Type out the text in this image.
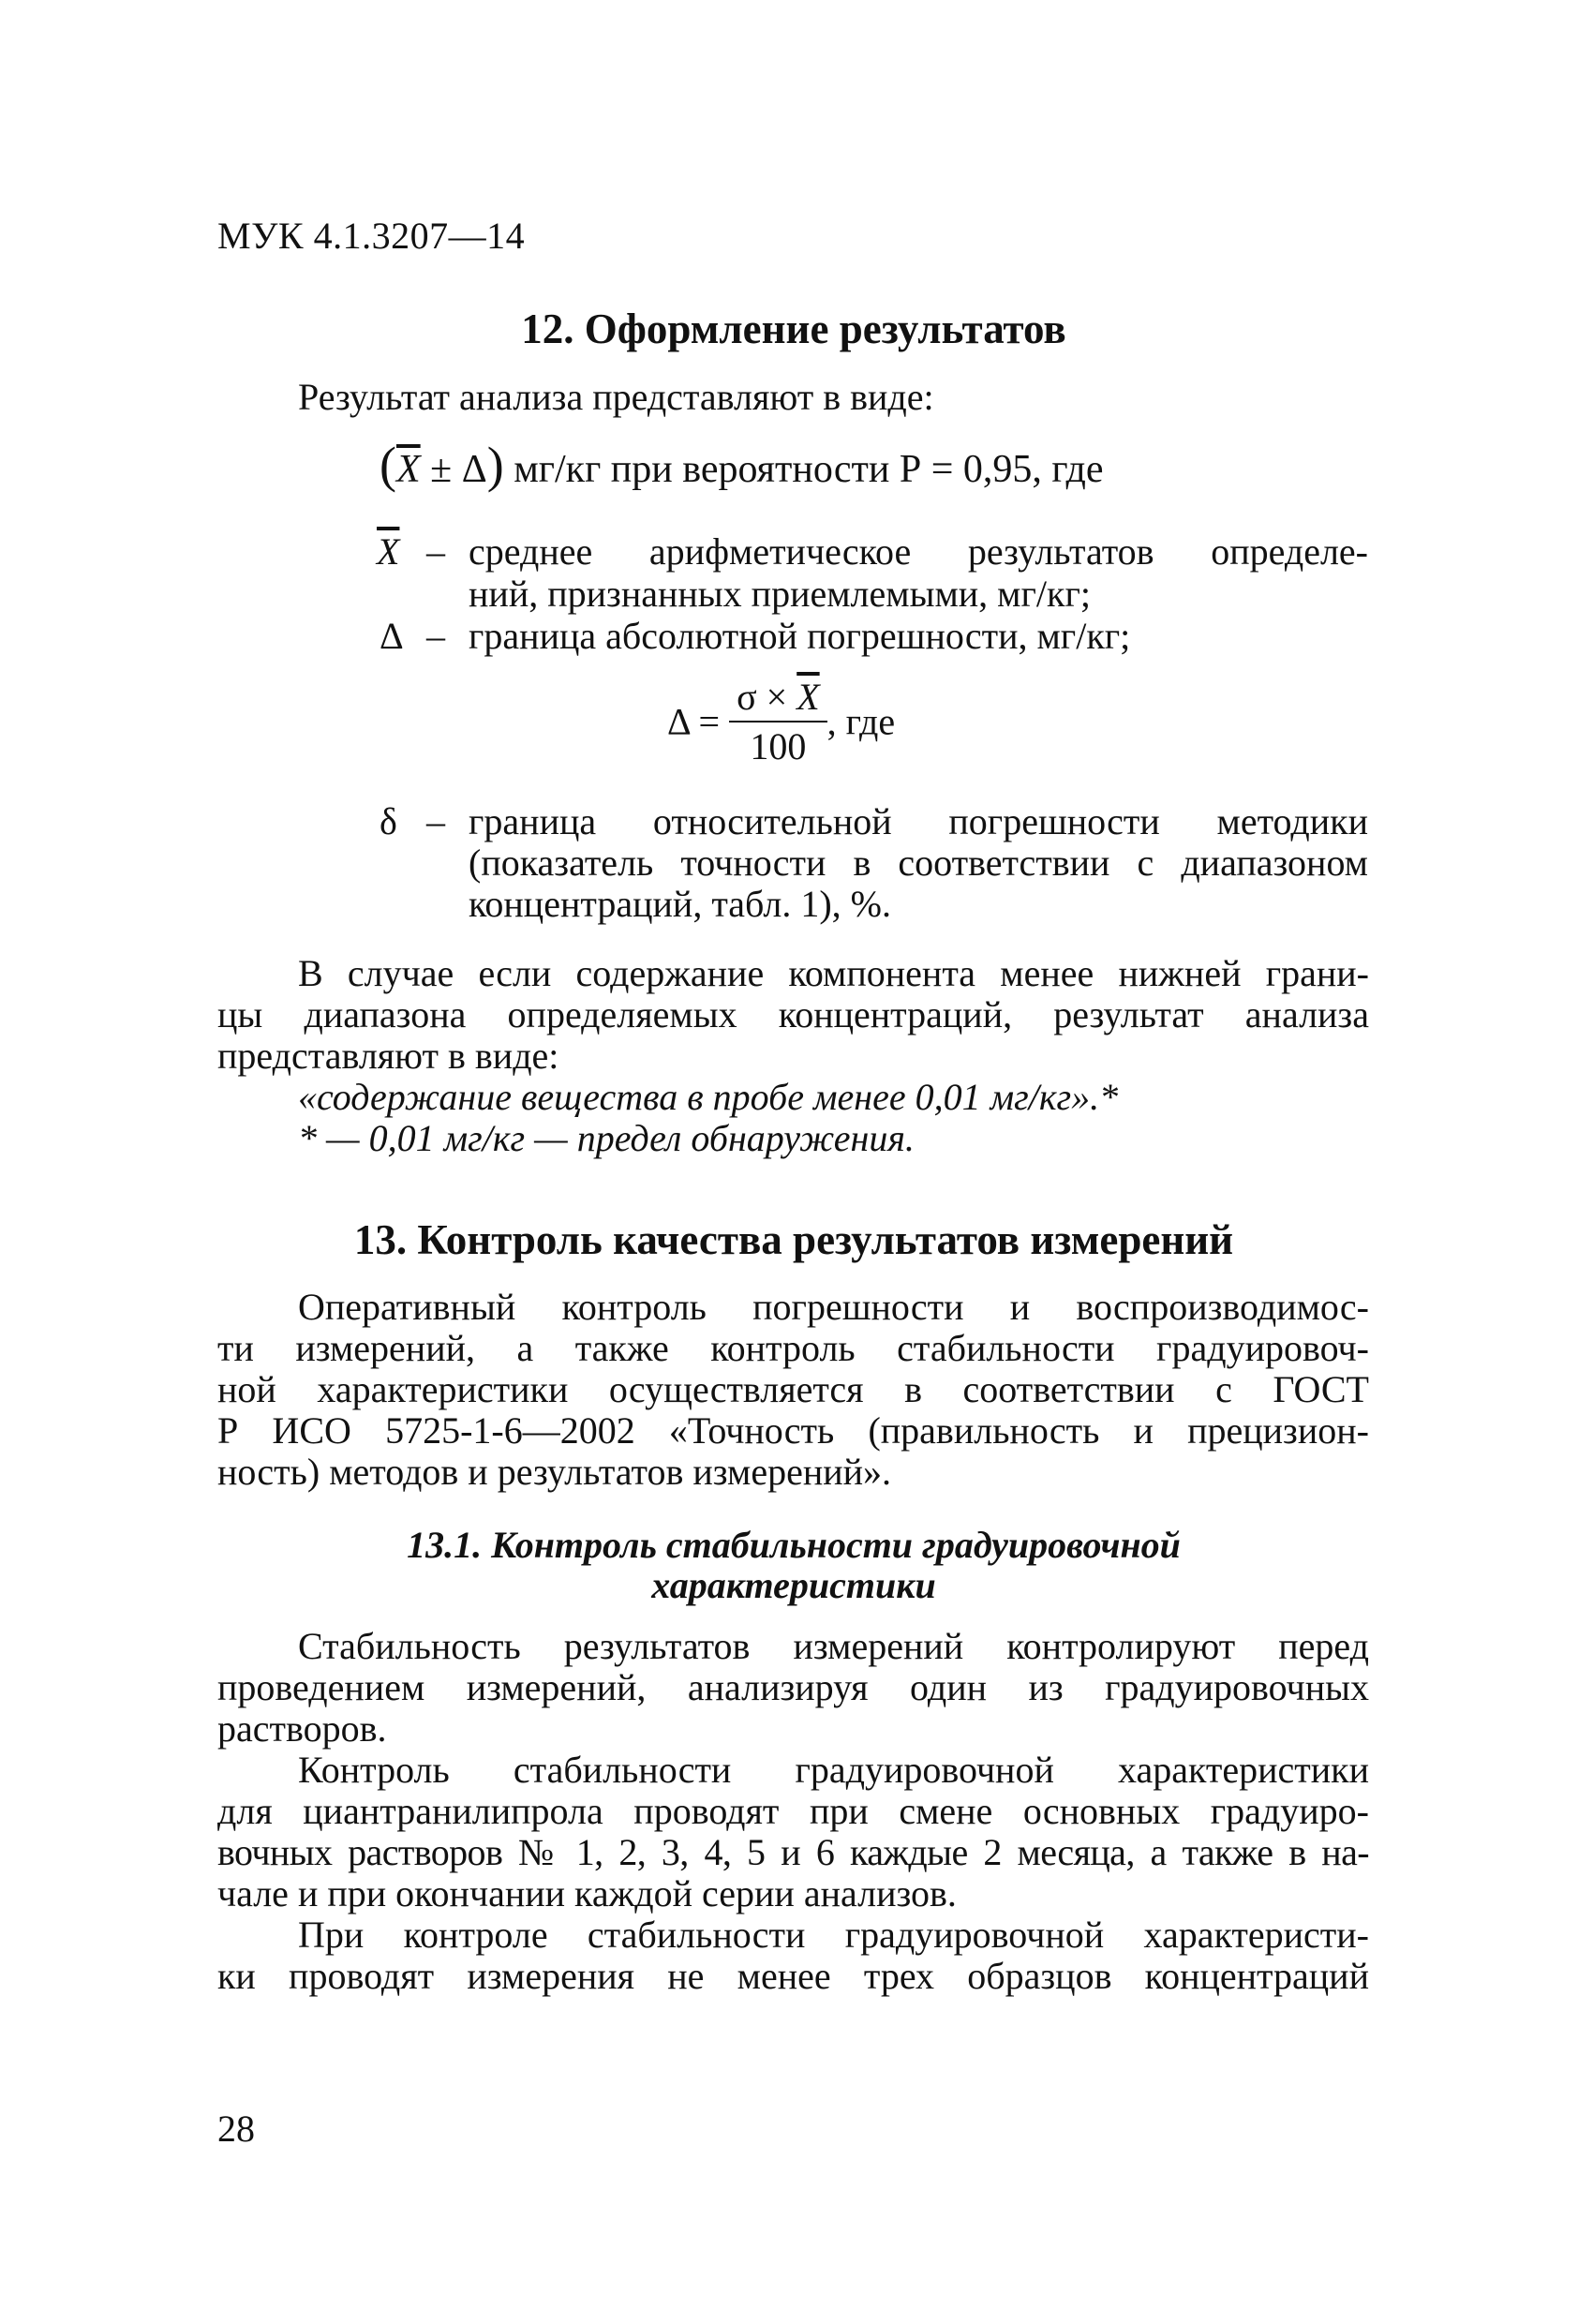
МУК 4.1.3207—14
12. Оформление результатов
Результат анализа представляют в виде:
$(\overline{X} \pm \Delta)$ мг/кг при вероятности Р = 0,95, где
$\overline{X}$ – среднее арифметическое результатов определе-
ний, признанных приемлемыми, мг/кг;
Δ – граница абсолютной погрешности, мг/кг;
$\Delta = \frac{\sigma \times \overline{X}}{100}$ , где
δ – граница относительной погрешности методики
(показатель точности в соответствии с диапазоном
концентраций, табл. 1), %.
В случае если содержание компонента менее нижней грани-
цы диапазона определяемых концентраций, результат анализа
представляют в виде:
«содержание вещества в пробе менее 0,01 мг/кг».*
* — 0,01 мг/кг — предел обнаружения.
13. Контроль качества результатов измерений
Оперативный контроль погрешности и воспроизводимос-
ти измерений, а также контроль стабильности градуировоч-
ной характеристики осуществляется в соответствии с ГОСТ
Р ИСО 5725-1-6—2002 «Точность (правильность и прецизион-
ность) методов и результатов измерений».
13.1. Контроль стабильности градуировочной
характеристики
Стабильность результатов измерений контролируют перед
проведением измерений, анализируя один из градуировочных
растворов.
Контроль стабильности градуировочной характеристики
для циантранилипрола проводят при смене основных градуиро-
вочных растворов № 1, 2, 3, 4, 5 и 6 каждые 2 месяца, а также в на-
чале и при окончании каждой серии анализов.
При контроле стабильности градуировочной характеристи-
ки проводят измерения не менее трех образцов концентраций
28
